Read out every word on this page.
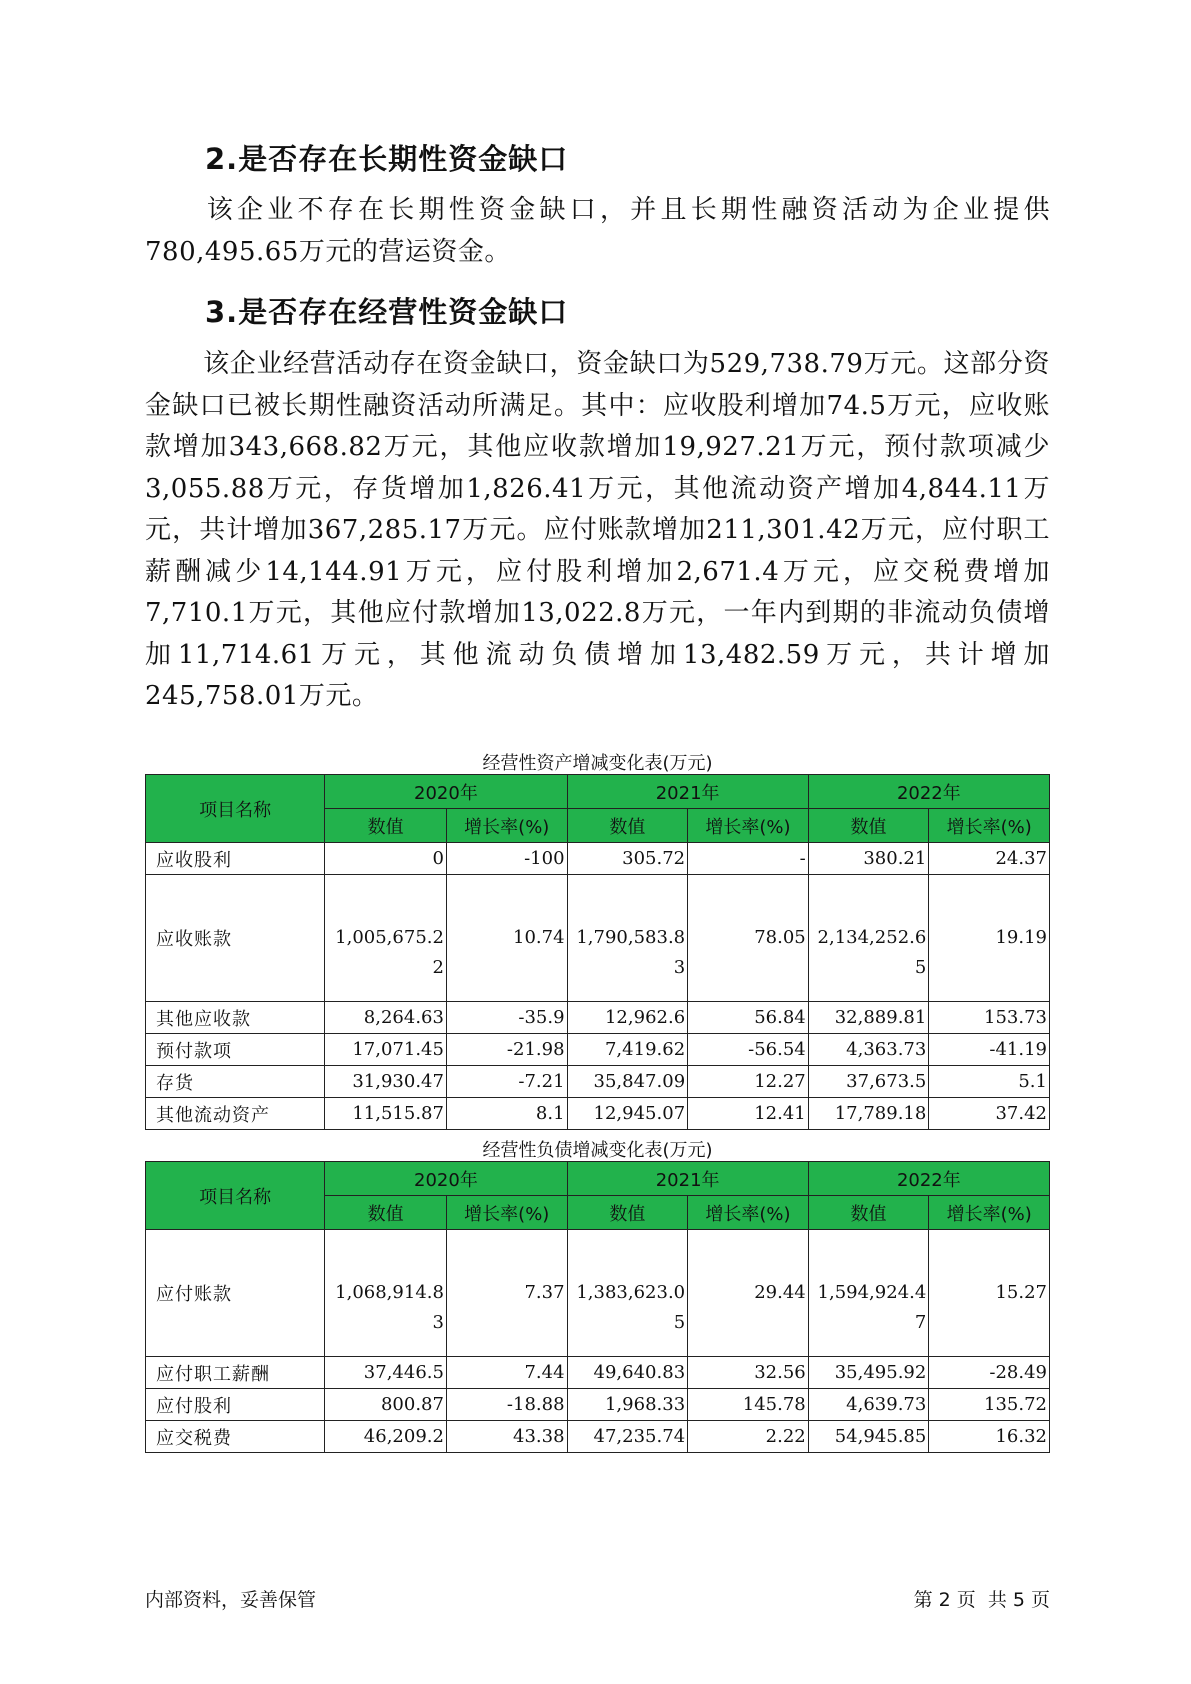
2.是否存在长期性资金缺口

该企业不存在长期性资金缺口，并且长期性融资活动为企业提供780,495.65万元的营运资金。

3.是否存在经营性资金缺口

该企业经营活动存在资金缺口，资金缺口为529,738.79万元。这部分资金缺口已被长期性融资活动所满足。其中：应收股利增加74.5万元，应收账款增加343,668.82万元，其他应收款增加19,927.21万元，预付款项减少3,055.88万元，存货增加1,826.41万元，其他流动资产增加4,844.11万元，共计增加367,285.17万元。应付账款增加211,301.42万元，应付职工薪酬减少14,144.91万元，应付股利增加2,671.4万元，应交税费增加7,710.1万元，其他应付款增加13,022.8万元，一年内到期的非流动负债增加11,714.61万元，其他流动负债增加13,482.59万元，共计增加245,758.01万元。

经营性资产增减变化表(万元)

项目名称	2020年		2021年		2022年	
	数值	增长率(%)	数值	增长率(%)	数值	增长率(%)
应收股利	0	-100	305.72	-	380.21	24.37
应收账款	1,005,675.22	10.74	1,790,583.83	78.05	2,134,252.65	19.19
其他应收款	8,264.63	-35.9	12,962.6	56.84	32,889.81	153.73
预付款项	17,071.45	-21.98	7,419.62	-56.54	4,363.73	-41.19
存货	31,930.47	-7.21	35,847.09	12.27	37,673.5	5.1
其他流动资产	11,515.87	8.1	12,945.07	12.41	17,789.18	37.42

经营性负债增减变化表(万元)

项目名称	2020年		2021年		2022年	
	数值	增长率(%)	数值	增长率(%)	数值	增长率(%)
应付账款	1,068,914.83	7.37	1,383,623.05	29.44	1,594,924.47	15.27
应付职工薪酬	37,446.5	7.44	49,640.83	32.56	35,495.92	-28.49
应付股利	800.87	-18.88	1,968.33	145.78	4,639.73	135.72
应交税费	46,209.2	43.38	47,235.74	2.22	54,945.85	16.32

内部资料，妥善保管	第 2 页  共 5 页
